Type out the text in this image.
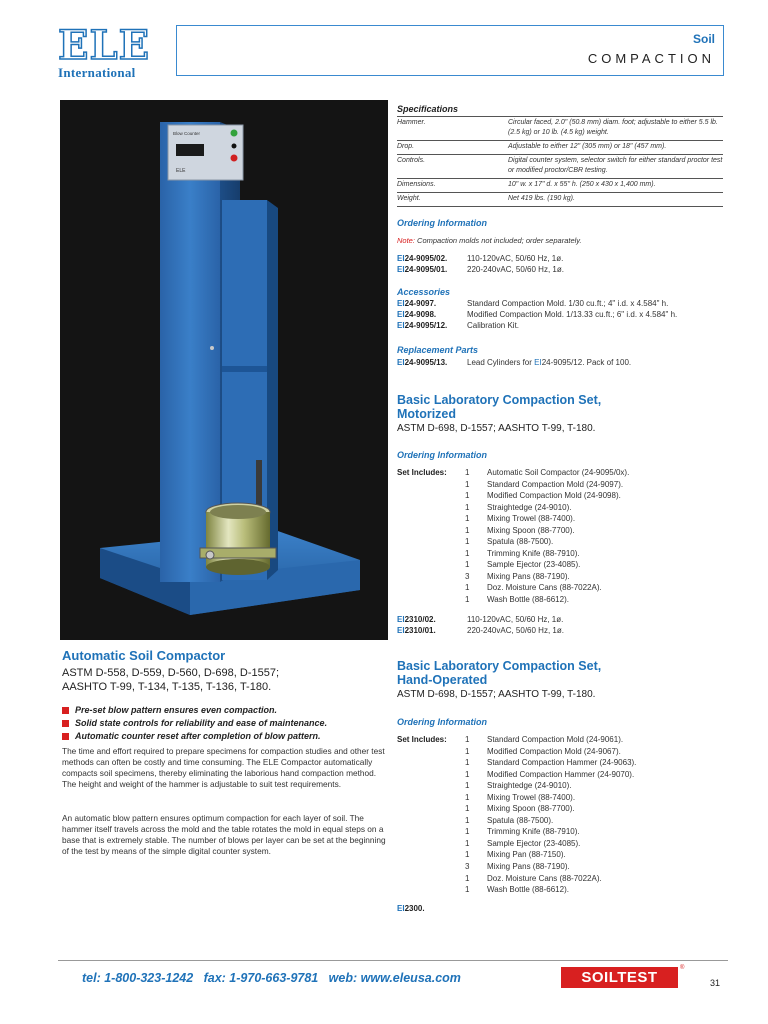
ELE
International
Soil
COMPACTION
Blow Counter
ELE
Automatic Soil Compactor
ASTM D-558, D-559, D-560, D-698, D-1557;
AASHTO T-99, T-134, T-135, T-136, T-180.
Pre-set blow pattern ensures even compaction.
Solid state controls for reliability and ease of maintenance.
Automatic counter reset after completion of blow pattern.
The time and effort required to prepare specimens for compaction studies and other test methods can often be costly and time consuming. The ELE Compactor automatically compacts soil specimens, thereby eliminating the laborious hand compaction method. The height and weight of the hammer is adjustable to suit test requirements.
An automatic blow pattern ensures optimum compaction for each layer of soil. The hammer itself travels across the mold and the table rotates the mold in equal steps on a base that is extremely stable. The number of blows per layer can be set at the beginning of the test by means of the simple digital counter system.
Specifications
Hammer.	Circular faced, 2.0" (50.8 mm) diam. foot; adjustable to either 5.5 lb.(2.5 kg) or 10 lb. (4.5 kg) weight.
Drop.	Adjustable to either 12" (305 mm) or 18" (457 mm).
Controls.	Digital counter system, selector switch for either standard proctor test or modified proctor/CBR testing.
Dimensions.	10" w. x 17" d. x 55" h. (250 x 430 x 1,400 mm).
Weight.	Net 419 lbs. (190 kg).
Ordering Information
Note: Compaction molds not included; order separately.
EI24-9095/02.	110-120vAC, 50/60 Hz, 1ø.
EI24-9095/01.	220-240vAC, 50/60 Hz, 1ø.
Accessories
EI24-9097.	Standard Compaction Mold. 1/30 cu.ft.; 4" i.d. x 4.584" h.
EI24-9098.	Modified Compaction Mold. 1/13.33 cu.ft.; 6" i.d. x 4.584" h.
EI24-9095/12.	Calibration Kit.
Replacement Parts
EI24-9095/13.	Lead Cylinders for EI24-9095/12. Pack of 100.
Basic Laboratory Compaction Set,
Motorized
ASTM D-698, D-1557; AASHTO T-99, T-180.
Ordering Information
Set Includes:	1	Automatic Soil Compactor (24-9095/0x).
1	Standard Compaction Mold (24-9097).
1	Modified Compaction Mold (24-9098).
1	Straightedge (24-9010).
1	Mixing Trowel (88-7400).
1	Mixing Spoon (88-7700).
1	Spatula (88-7500).
1	Trimming Knife (88-7910).
1	Sample Ejector (23-4085).
3	Mixing Pans (88-7190).
1	Doz. Moisture Cans (88-7022A).
1	Wash Bottle (88-6612).
EI2310/02.	110-120vAC, 50/60 Hz, 1ø.
EI2310/01.	220-240vAC, 50/60 Hz, 1ø.
Basic Laboratory Compaction Set,
Hand-Operated
ASTM D-698, D-1557; AASHTO T-99, T-180.
Ordering Information
Set Includes:	1	Standard Compaction Mold (24-9061).
1	Modified Compaction Mold (24-9067).
1	Standard Compaction Hammer (24-9063).
1	Modified Compaction Hammer (24-9070).
1	Straightedge (24-9010).
1	Mixing Trowel (88-7400).
1	Mixing Spoon (88-7700).
1	Spatula (88-7500).
1	Trimming Knife (88-7910).
1	Sample Ejector (23-4085).
1	Mixing Pan (88-7150).
3	Mixing Pans (88-7190).
1	Doz. Moisture Cans (88-7022A).
1	Wash Bottle (88-6612).
EI2300.
tel: 1-800-323-1242   fax: 1-970-663-9781   web: www.eleusa.com	SOILTEST
®
31
